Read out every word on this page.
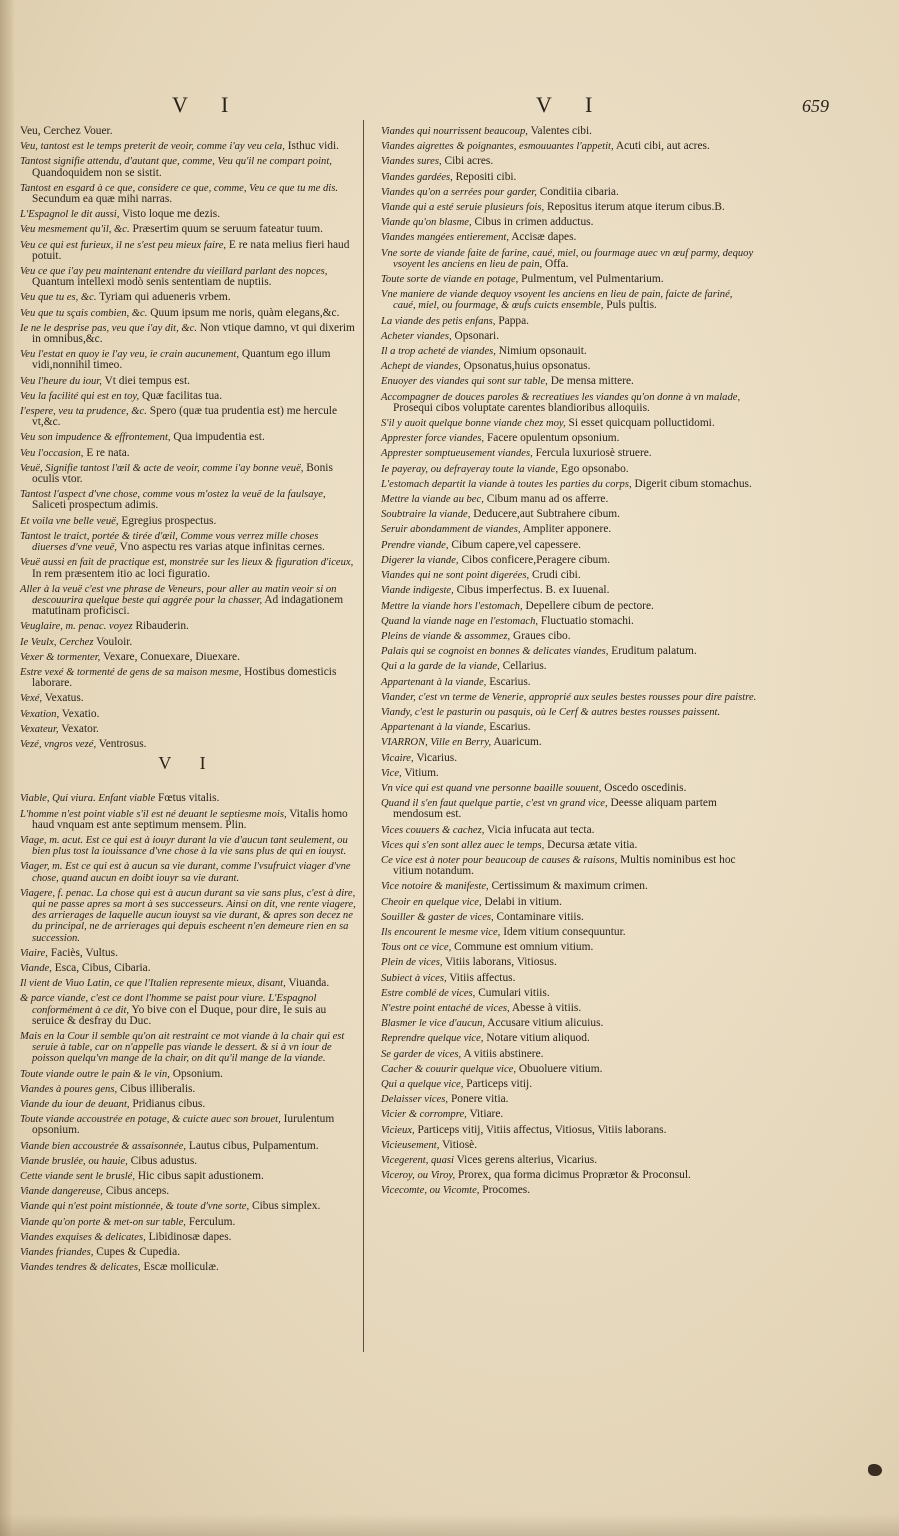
V I	V I	659
Veu, Cerchez Vouer.
Veu, tantost est le temps preterit de veoir, comme i'ay veu cela, Isthuc vidi.
Tantost signifie attendu, d'autant que, comme, Veu qu'il ne compart point, Quandoquidem non se sistit.
Tantost en esgard à ce que, considere ce que, comme, Veu ce que tu me dis. Secundum ea quæ mihi narras.
L'Espagnol le dit aussi, Visto loque me dezis.
Veu mesmement qu'il, &c. Præsertim quum se seruum fateatur tuum.
Veu ce qui est furieux, il ne s'est peu mieux faire, E re nata melius fieri haud potuit.
Veu ce que i'ay peu maintenant entendre du vieillard parlant des nopces, Quantum intellexi modò senis sententiam de nuptiis.
Veu que tu es, &c. Tyriam qui adueneris vrbem.
Veu que tu sçais combien, &c. Quum ipsum me noris, quàm elegans,&c.
Ie ne le desprise pas, veu que i'ay dit, &c. Non vtique damno, vt qui dixerim in omnibus,&c.
Veu l'estat en quoy ie l'ay veu, ie crain aucunement, Quantum ego illum vidi,nonnihil timeo.
Veu l'heure du iour, Vt diei tempus est.
Veu la facilité qui est en toy, Quæ facilitas tua.
I'espere, veu ta prudence, &c. Spero (quæ tua prudentia est) me hercule vt,&c.
Veu son impudence & effrontement, Qua impudentia est.
Veu l'occasion, E re nata.
Veuë, Signifie tantost l'œil & acte de veoir, comme i'ay bonne veuë, Bonis oculis vtor.
Tantost l'aspect d'vne chose, comme vous m'ostez la veuë de la faulsaye, Saliceti prospectum adimis.
Et voila vne belle veuë, Egregius prospectus.
Tantost le traict, portée & tirée d'œil, Comme vous verrez mille choses diuerses d'vne veuë, Vno aspectu res varias atque infinitas cernes.
Veuë aussi en fait de practique est, monstrée sur les lieux & figuration d'iceux, In rem præsentem itio ac loci figuratio.
Aller à la veuë c'est vne phrase de Veneurs, pour aller au matin veoir si on descouurira quelque beste qui aggrée pour la chasser, Ad indagationem matutinam proficisci.
Veuglaire, m. penac. voyez Ribauderin.
Ie Veulx, Cerchez Vouloir.
Vexer & tormenter, Vexare, Conuexare, Diuexare.
Estre vexé & tormenté de gens de sa maison mesme, Hostibus domesticis laborare.
Vexé, Vexatus.
Vexation, Vexatio.
Vexateur, Vexator.
Vezé, vngros vezé, Ventrosus.
V I
Viable, Qui viura. Enfant viable Fœtus vitalis.
L'homme n'est point viable s'il est né deuant le septiesme mois, Vitalis homo haud vnquam est ante septimum mensem. Plin.
Viage, m. acut. Est ce qui est à iouyr durant la vie d'aucun tant seulement, ou bien plus tost la iouissance d'vne chose à la vie sans plus de qui en iouyst.
Viager, m. Est ce qui est à aucun sa vie durant, comme l'vsufruict viager d'vne chose, quand aucun en doibt iouyr sa vie durant.
Viagere, f. penac. La chose qui est à aucun durant sa vie sans plus, c'est à dire, qui ne passe apres sa mort à ses successeurs. Ainsi on dit, vne rente viagere, des arrierages de laquelle aucun iouyst sa vie durant, & apres son decez ne du principal, ne de arrierages qui depuis escheent n'en demeure rien en sa succession.
Viaire, Faciès, Vultus.
Viande, Esca, Cibus, Cibaria.
Il vient de Viuo Latin, ce que l'Italien represente mieux, disant, Viuanda.
& parce viande, c'est ce dont l'homme se paist pour viure. L'Espagnol conformément à ce dit, Yo bive con el Duque, pour dire, Ie suis au seruice & desfray du Duc.
Mais en la Cour il semble qu'on ait restraint ce mot viande à la chair qui est seruie à table, car on n'appelle pas viande le dessert. & si à vn iour de poisson quelqu'vn mange de la chair, on dit qu'il mange de la viande.
Toute viande outre le pain & le vin, Opsonium.
Viandes à poures gens, Cibus illiberalis.
Viande du iour de deuant, Pridianus cibus.
Toute viande accoustrée en potage, & cuicte auec son brouet, Iurulentum opsonium.
Viande bien accoustrée & assaisonnée, Lautus cibus, Pulpamentum.
Viande bruslée, ou hauie, Cibus adustus.
Cette viande sent le bruslé, Hic cibus sapit adustionem.
Viande dangereuse, Cibus anceps.
Viande qui n'est point mistionnée, & toute d'vne sorte, Cibus simplex.
Viande qu'on porte & met-on sur table, Ferculum.
Viandes exquises & delicates, Libidinosæ dapes.
Viandes friandes, Cupes & Cupedia.
Viandes tendres & delicates, Escæ molliculæ.
Viandes qui nourrissent beaucoup, Valentes cibi.
Viandes aigrettes & poignantes, esmouuantes l'appetit, Acuti cibi, aut acres.
Viandes sures, Cibi acres.
Viandes gardées, Repositi cibi.
Viandes qu'on a serrées pour garder, Conditiia cibaria.
Viande qui a esté seruie plusieurs fois, Repositus iterum atque iterum cibus.B.
Viande qu'on blasme, Cibus in crimen adductus.
Viandes mangées entierement, Accisæ dapes.
Vne sorte de viande faite de farine, caué, miel, ou fourmage auec vn œuf parmy, dequoy vsoyent les anciens en lieu de pain, Offa.
Toute sorte de viande en potage, Pulmentum, vel Pulmentarium.
Vne maniere de viande dequoy vsoyent les anciens en lieu de pain, faicte de fariné, caué, miel, ou fourmage, & œufs cuicts ensemble, Puls pultis.
La viande des petis enfans, Pappa.
Acheter viandes, Opsonari.
Il a trop acheté de viandes, Nimium opsonauit.
Achept de viandes, Opsonatus,huius opsonatus.
Enuoyer des viandes qui sont sur table, De mensa mittere.
Accompagner de douces paroles & recreatiues les viandes qu'on donne à vn malade, Prosequi cibos voluptate carentes blandioribus alloquiis.
S'il y auoit quelque bonne viande chez moy, Si esset quicquam polluctidomi.
Apprester force viandes, Facere opulentum opsonium.
Apprester somptueusement viandes, Fercula luxuriosè struere.
Ie payeray, ou defrayeray toute la viande, Ego opsonabo.
L'estomach departit la viande à toutes les parties du corps, Digerit cibum stomachus.
Mettre la viande au bec, Cibum manu ad os afferre.
Soubtraire la viande, Deducere,aut Subtrahere cibum.
Seruir abondamment de viandes, Ampliter apponere.
Prendre viande, Cibum capere,vel capessere.
Digerer la viande, Cibos conficere,Peragere cibum.
Viandes qui ne sont point digerées, Crudi cibi.
Viande indigeste, Cibus imperfectus. B. ex Iuuenal.
Mettre la viande hors l'estomach, Depellere cibum de pectore.
Quand la viande nage en l'estomach, Fluctuatio stomachi.
Pleins de viande & assommez, Graues cibo.
Palais qui se cognoist en bonnes & delicates viandes, Eruditum palatum.
Qui a la garde de la viande, Cellarius.
Appartenant à la viande, Escarius.
Viander, c'est vn terme de Venerie, approprié aux seules bestes rousses pour dire paistre.
Viandy, c'est le pasturin ou pasquis, où le Cerf & autres bestes rousses paissent.
Appartenant à la viande, Escarius.
VIARRON, Ville en Berry, Auaricum.
Vicaire, Vicarius.
Vice, Vitium.
Vn vice qui est quand vne personne baaille souuent, Oscedo oscedinis.
Quand il s'en faut quelque partie, c'est vn grand vice, Deesse aliquam partem mendosum est.
Vices couuers & cachez, Vicia infucata aut tecta.
Vices qui s'en sont allez auec le temps, Decursa ætate vitia.
Ce vice est à noter pour beaucoup de causes & raisons, Multis nominibus est hoc vitium notandum.
Vice notoire & manifeste, Certissimum & maximum crimen.
Cheoir en quelque vice, Delabi in vitium.
Souiller & gaster de vices, Contaminare vitiis.
Ils encourent le mesme vice, Idem vitium consequuntur.
Tous ont ce vice, Commune est omnium vitium.
Plein de vices, Vitiis laborans, Vitiosus.
Subiect à vices, Vitiis affectus.
Estre comblé de vices, Cumulari vitiis.
N'estre point entaché de vices, Abesse à vitiis.
Blasmer le vice d'aucun, Accusare vitium alicuius.
Reprendre quelque vice, Notare vitium aliquod.
Se garder de vices, A vitiis abstinere.
Cacher & couurir quelque vice, Obuoluere vitium.
Qui a quelque vice, Particeps vitij.
Delaisser vices, Ponere vitia.
Vicier & corrompre, Vitiare.
Vicieux, Particeps vitij, Vitiis affectus, Vitiosus, Vitiis laborans.
Vicieusement, Vitiosè.
Vicegerent, quasi Vices gerens alterius, Vicarius.
Viceroy, ou Viroy, Prorex, qua forma dicimus Proprætor & Proconsul.
Vicecomte, ou Vicomte, Procomes.
